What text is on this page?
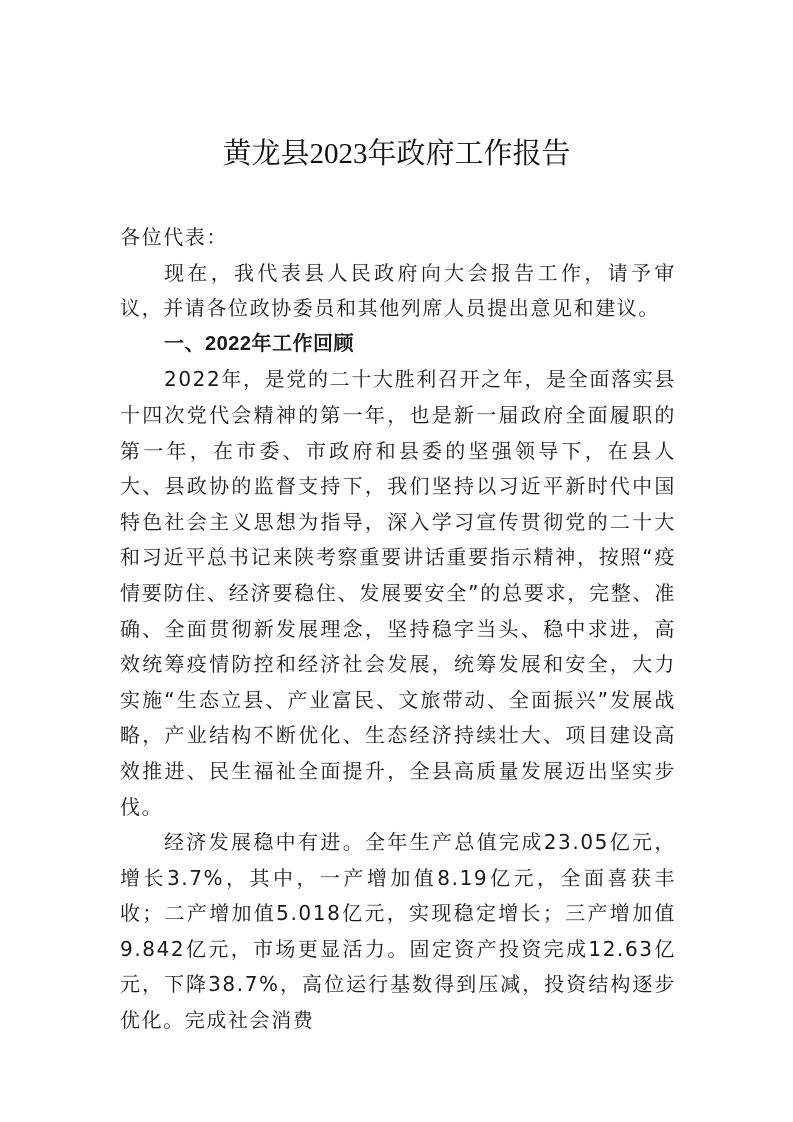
黄龙县2023年政府工作报告

各位代表：

现在，我代表县人民政府向大会报告工作，请予审议，并请各位政协委员和其他列席人员提出意见和建议。

一、2022年工作回顾

2022年，是党的二十大胜利召开之年，是全面落实县十四次党代会精神的第一年，也是新一届政府全面履职的第一年，在市委、市政府和县委的坚强领导下，在县人大、县政协的监督支持下，我们坚持以习近平新时代中国特色社会主义思想为指导，深入学习宣传贯彻党的二十大和习近平总书记来陕考察重要讲话重要指示精神，按照“疫情要防住、经济要稳住、发展要安全”的总要求，完整、准确、全面贯彻新发展理念，坚持稳字当头、稳中求进，高效统筹疫情防控和经济社会发展，统筹发展和安全，大力实施“生态立县、产业富民、文旅带动、全面振兴”发展战略，产业结构不断优化、生态经济持续壮大、项目建设高效推进、民生福祉全面提升，全县高质量发展迈出坚实步伐。

经济发展稳中有进。全年生产总值完成23.05亿元，增长3.7%，其中，一产增加值8.19亿元，全面喜获丰收；二产增加值5.018亿元，实现稳定增长；三产增加值9.842亿元，市场更显活力。固定资产投资完成12.63亿元，下降38.7%，高位运行基数得到压减，投资结构逐步优化。完成社会消费
